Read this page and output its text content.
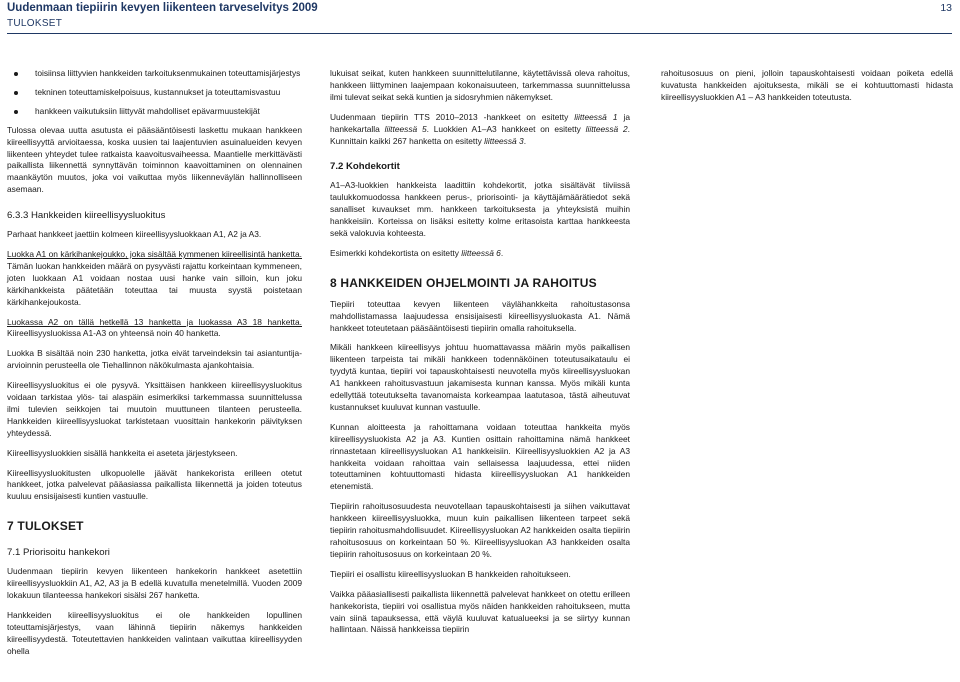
Uudenmaan tiepiirin kevyen liikenteen tarveselvitys 2009
TULOKSET
13
toisiinsa liittyvien hankkeiden tarkoituksenmukainen toteuttamisjärjestys
tekninen toteuttamiskelpoisuus, kustannukset ja toteuttamisvastuu
hankkeen vaikutuksiin liittyvät mahdolliset epävarmuustekijät

Tulossa olevaa uutta asutusta ei pääsääntöisesti laskettu mukaan hankkeen kiireellisyyttä arvioitaessa, koska uusien tai laajentuvien asuinalueiden kevyen liikenteen yhteydet tulee ratkaista kaavoitusvaiheessa. Maantielle merkittävästi paikallista liikennettä synnyttävän toiminnon kaavoittaminen on olennainen maankäytön muutos, joka voi vaikuttaa myös liikenneväylän hallinnolliseen asemaan.

6.3.3 Hankkeiden kiireellisyysluokitus

Parhaat hankkeet jaettiin kolmeen kiireellisyysluokkaan A1, A2 ja A3.

Luokka A1 on kärkihankejoukko, joka sisältää kymmenen kiireellisintä hanketta. Tämän luokan hankkeiden määrä on pysyvästi rajattu korkeintaan kymmeneen, joten luokkaan A1 voidaan nostaa uusi hanke vain silloin, kun joku kärkihankkeista päätetään toteuttaa tai muusta syystä poistetaan kärkihankejoukosta.

Luokassa A2 on tällä hetkellä 13 hanketta ja luokassa A3 18 hanketta. Kiireellisyysluokissa A1-A3 on yhteensä noin 40 hanketta.

Luokka B sisältää noin 230 hanketta, jotka eivät tarveindeksin tai asiantuntija-arvioinnin perusteella ole Tiehallinnon näkökulmasta ajankohtaisia.

Kiireellisyysluokitus ei ole pysyvä. Yksittäisen hankkeen kiireellisyysluokitus voidaan tarkistaa ylös- tai alaspäin esimerkiksi tarkemmassa suunnittelussa ilmi tulevien seikkojen tai muutoin muuttuneen tilanteen perusteella. Hankkeiden kiireellisyysluokat tarkistetaan vuosittain hankekorin päivityksen yhteydessä.

Kiireellisyysluokkien sisällä hankkeita ei aseteta järjestykseen.

Kiireellisyysluokitusten ulkopuolelle jäävät hankekorista erilleen otetut hankkeet, jotka palvelevat pääasiassa paikallista liikennettä ja joiden toteutus kuuluu ensisijaisesti kuntien vastuulle.

7 TULOKSET
7.1 Priorisoitu hankekori

Uudenmaan tiepiirin kevyen liikenteen hankekorin hankkeet asetettiin kiireellisyysluokkiin A1, A2, A3 ja B edellä kuvatulla menetelmillä. Vuoden 2009 lokakuun tilanteessa hankekori sisälsi 267 hanketta.

Hankkeiden kiireellisyysluokitus ei ole hankkeiden lopullinen toteuttamisjärjestys, vaan lähinnä tiepiirin näkemys hankkeiden kiireellisyydestä. Toteutettavien hankkeiden valintaan vaikuttaa kiireellisyyden ohella

lukuisat seikat, kuten hankkeen suunnittelutilanne, käytettävissä oleva rahoitus, hankkeen liittyminen laajempaan kokonaisuuteen, tarkemmassa suunnittelussa ilmi tulevat seikat sekä kuntien ja sidosryhmien näkemykset.

Uudenmaan tiepiirin TTS 2010–2013 -hankkeet on esitetty liitteessä 1 ja hankekartalla liitteessä 5. Luokkien A1–A3 hankkeet on esitetty liitteessä 2. Kunnittain kaikki 267 hanketta on esitetty liitteessä 3.

7.2 Kohdekortit

A1–A3-luokkien hankkeista laadittiin kohdekortit, jotka sisältävät tiiviissä taulukkomuodossa hankkeen perus-, priorisointi- ja käyttäjämäärätiedot sekä sanalliset kuvaukset mm. hankkeen tarkoituksesta ja yhteyksistä muihin hankkeisiin. Korteissa on lisäksi esitetty kolme eritasoista karttaa hankkeesta sekä valokuvia kohteesta.

Esimerkki kohdekortista on esitetty liitteessä 6.

8 HANKKEIDEN OHJELMOINTI JA RAHOITUS

Tiepiiri toteuttaa kevyen liikenteen väylähankkeita rahoitustasonsa mahdollistamassa laajuudessa ensisijaisesti kiireellisyysluokasta A1. Nämä hankkeet toteutetaan pääsääntöisesti tiepiirin omalla rahoituksella.

Mikäli hankkeen kiireellisyys johtuu huomattavassa määrin myös paikallisen liikenteen tarpeista tai mikäli hankkeen todennäköinen toteutusaikataulu ei tyydytä kuntaa, tiepiiri voi tapauskohtaisesti neuvotella myös kiireellisyysluokan A1 hankkeen rahoitusvastuun jakamisesta kunnan kanssa. Myös mikäli kunta edellyttää toteutukselta tavanomaista korkeampaa laatutasoa, tästä aiheutuvat kustannukset kuuluvat kunnan vastuulle.

Kunnan aloitteesta ja rahoittamana voidaan toteuttaa hankkeita myös kiireellisyysluokista A2 ja A3. Kuntien osittain rahoittamina nämä hankkeet rinnastetaan kiireellisyysluokan A1 hankkeisiin. Kiireellisyysluokkien A2 ja A3 hankkeita voidaan rahoittaa vain sellaisessa laajuudessa, ettei niiden toteuttaminen kohtuuttomasti hidasta kiireellisyysluokan A1 hankkeiden etenemistä.

Tiepiirin rahoitusosuudesta neuvotellaan tapauskohtaisesti ja siihen vaikuttavat hankkeen kiireellisyysluokka, muun kuin paikallisen liikenteen tarpeet sekä tiepiirin rahoitusmahdollisuudet. Kiireellisyysluokan A2 hankkeiden osalta tiepiirin rahoitusosuus on korkeintaan 50 %. Kiireellisyysluokan A3 hankkeiden osalta tiepiirin rahoitusosuus on korkeintaan 20 %.

Tiepiiri ei osallistu kiireellisyysluokan B hankkeiden rahoitukseen.

Vaikka pääasiallisesti paikallista liikennettä palvelevat hankkeet on otettu erilleen hankekorista, tiepiiri voi osallistua myös näiden hankkeiden rahoitukseen, mutta vain siinä tapauksessa, että väylä kuuluvat katualueeksi ja se siirtyy kunnan hallintaan. Näissä hankkeissa tiepiirin

rahoitusosuus on pieni, jolloin tapauskohtaisesti voidaan poiketa edellä kuvatusta hankkeiden ajoituksesta, mikäli se ei kohtuuttomasti hidasta kiireellisyysluokkien A1 – A3 hankkeiden toteutusta.
